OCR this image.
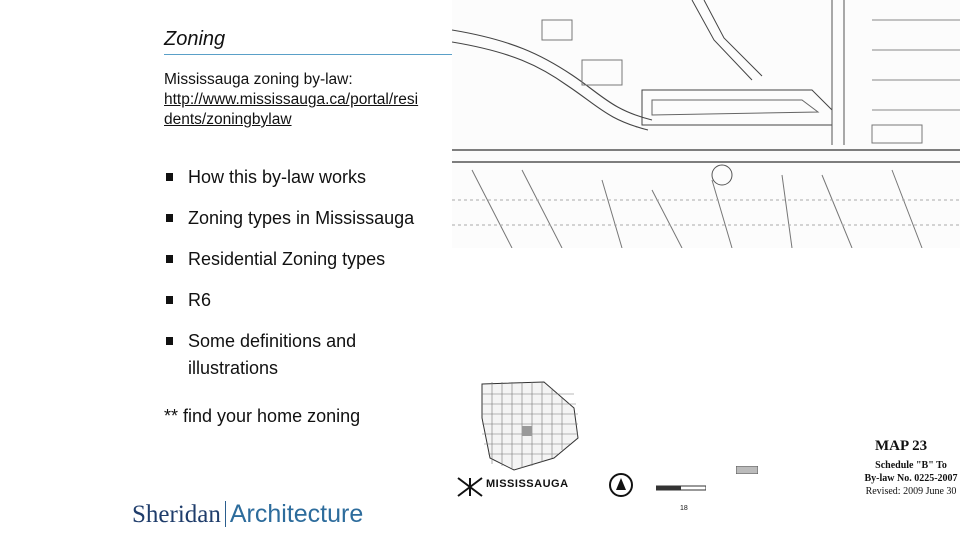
Zoning
Mississauga zoning by-law:
http://www.mississauga.ca/portal/residents/zoningbylaw
How this by-law works
Zoning types in Mississauga
Residential Zoning types
R6
Some definitions and
illustrations
** find your home zoning
Sheridan Architecture
MAP 23
Schedule "B" To
By-law No. 0225-2007
Revised: 2009 June 30
MISSISSAUGA
18
